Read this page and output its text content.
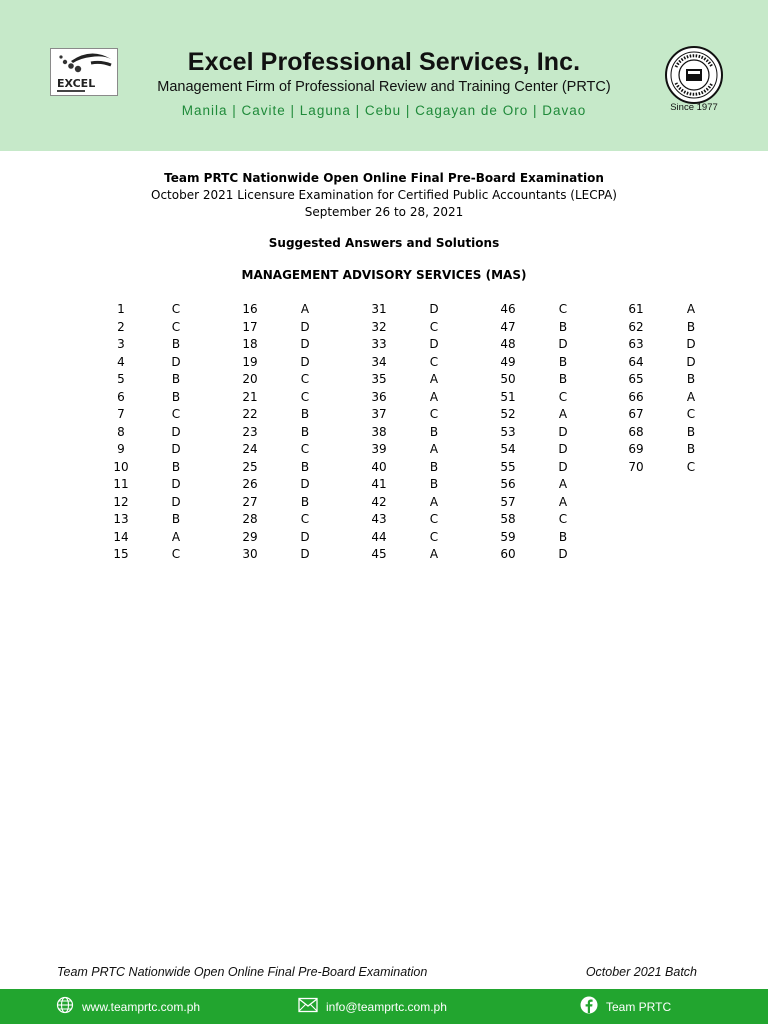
EXCEL
Excel Professional Services, Inc.
Management Firm of Professional Review and Training Center (PRTC)
Manila | Cavite | Laguna | Cebu | Cagayan de Oro | Davao	Since 1977
Team PRTC Nationwide Open Online Final Pre-Board Examination
October 2021 Licensure Examination for Certified Public Accountants (LECPA)
September 26 to 28, 2021
Suggested Answers and Solutions
MANAGEMENT ADVISORY SERVICES (MAS)
1	C
2	C
3	B
4	D
5	B
6	B
7	C
8	D
9	D
10	B
11	D
12	D
13	B
14	A
15	C
16	A
17	D
18	D
19	D
20	C
21	C
22	B
23	B
24	C
25	B
26	D
27	B
28	C
29	D
30	D
31	D
32	C
33	D
34	C
35	A
36	A
37	C
38	B
39	A
40	B
41	B
42	A
43	C
44	C
45	A
46	C
47	B
48	D
49	B
50	B
51	C
52	A
53	D
54	D
55	D
56	A
57	A
58	C
59	B
60	D
61	A
62	B
63	D
64	D
65	B
66	A
67	C
68	B
69	B
70	C
Team PRTC Nationwide Open Online Final Pre-Board Examination	October 2021 Batch
www.teamprtc.com.ph	info@teamprtc.com.ph	Team PRTC
